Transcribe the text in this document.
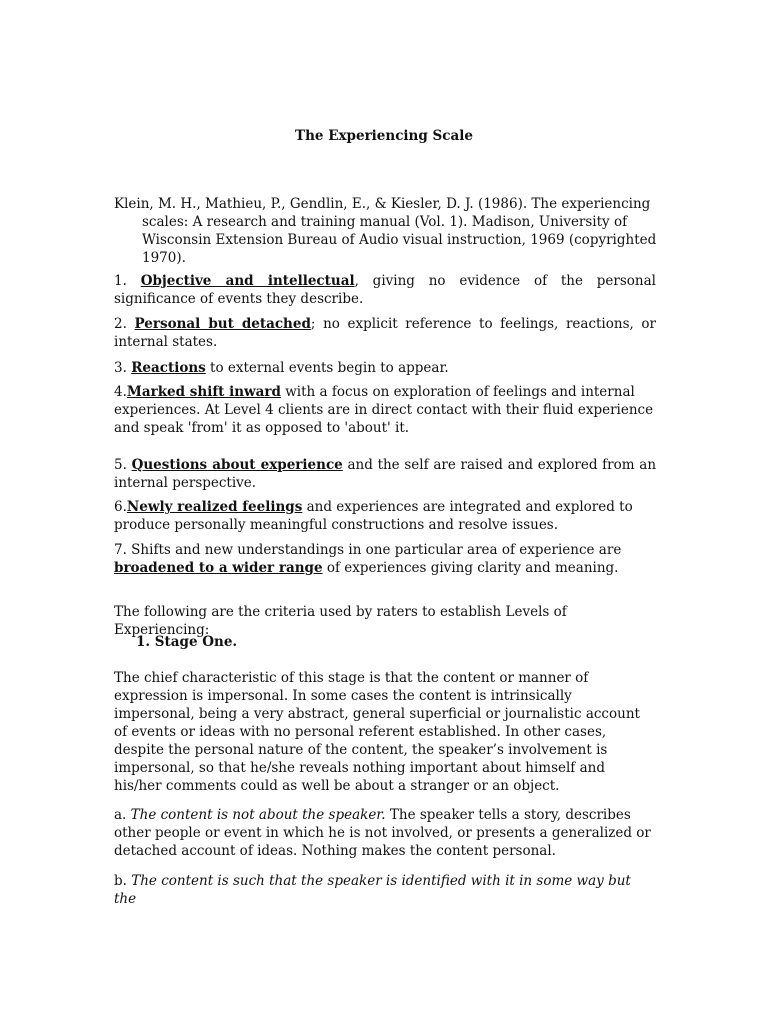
The Experiencing Scale
Klein, M. H., Mathieu, P., Gendlin, E., & Kiesler, D. J. (1986). The experiencing scales: A research and training manual (Vol. 1). Madison, University of Wisconsin Extension Bureau of Audio visual instruction, 1969 (copyrighted 1970).
1. Objective and intellectual, giving no evidence of the personal significance of events they describe.
2. Personal but detached; no explicit reference to feelings, reactions, or internal states.
3. Reactions to external events begin to appear.
4.Marked shift inward with a focus on exploration of feelings and internal experiences. At Level 4 clients are in direct contact with their fluid experience and speak 'from' it as opposed to 'about' it.
5. Questions about experience and the self are raised and explored from an internal perspective.
6.Newly realized feelings and experiences are integrated and explored to produce personally meaningful constructions and resolve issues.
7. Shifts and new understandings in one particular area of experience are broadened to a wider range of experiences giving clarity and meaning.
The following are the criteria used by raters to establish Levels of Experiencing:
1. Stage One.
The chief characteristic of this stage is that the content or manner of expression is impersonal. In some cases the content is intrinsically impersonal, being a very abstract, general superficial or journalistic account of events or ideas with no personal referent established. In other cases, despite the personal nature of the content, the speaker’s involvement is impersonal, so that he/she reveals nothing important about himself and his/her comments could as well be about a stranger or an object.
a. The content is not about the speaker. The speaker tells a story, describes other people or event in which he is not involved, or presents a generalized or detached account of ideas. Nothing makes the content personal.
b. The content is such that the speaker is identified with it in some way but the
